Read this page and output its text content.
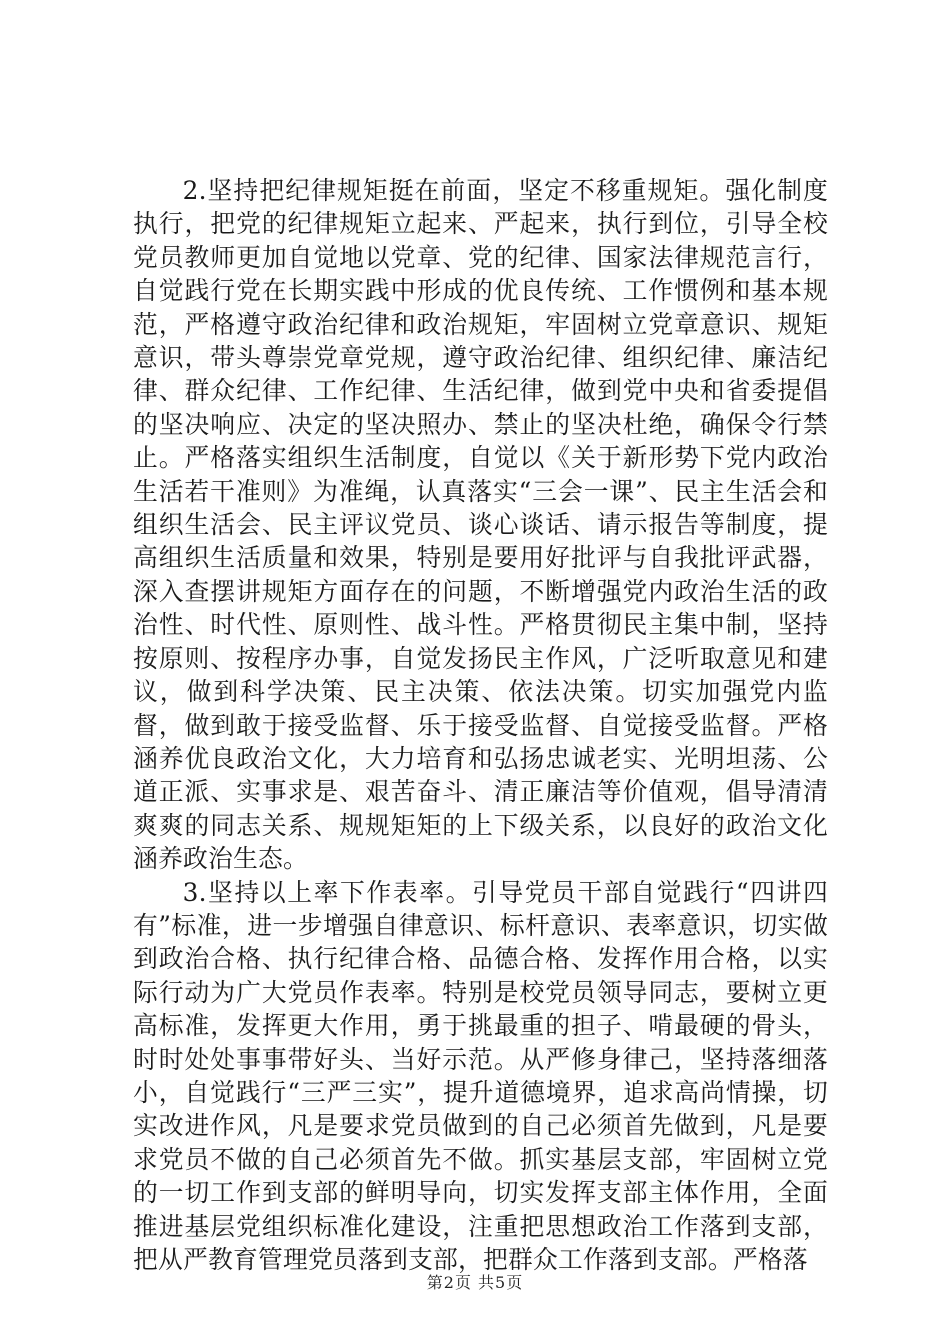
2.坚持把纪律规矩挺在前面，坚定不移重规矩。强化制度执行，把党的纪律规矩立起来、严起来，执行到位，引导全校党员教师更加自觉地以党章、党的纪律、国家法律规范言行，自觉践行党在长期实践中形成的优良传统、工作惯例和基本规范，严格遵守政治纪律和政治规矩，牢固树立党章意识、规矩意识，带头尊崇党章党规，遵守政治纪律、组织纪律、廉洁纪律、群众纪律、工作纪律、生活纪律，做到党中央和省委提倡的坚决响应、决定的坚决照办、禁止的坚决杜绝，确保令行禁止。严格落实组织生活制度，自觉以《关于新形势下党内政治生活若干准则》为准绳，认真落实“三会一课”、民主生活会和组织生活会、民主评议党员、谈心谈话、请示报告等制度，提高组织生活质量和效果，特别是要用好批评与自我批评武器，深入查摆讲规矩方面存在的问题，不断增强党内政治生活的政治性、时代性、原则性、战斗性。严格贯彻民主集中制，坚持按原则、按程序办事，自觉发扬民主作风，广泛听取意见和建议，做到科学决策、民主决策、依法决策。切实加强党内监督，做到敢于接受监督、乐于接受监督、自觉接受监督。严格涵养优良政治文化，大力培育和弘扬忠诚老实、光明坦荡、公道正派、实事求是、艰苦奋斗、清正廉洁等价值观，倡导清清爽爽的同志关系、规规矩矩的上下级关系，以良好的政治文化涵养政治生态。

3.坚持以上率下作表率。引导党员干部自觉践行“四讲四有”标准，进一步增强自律意识、标杆意识、表率意识，切实做到政治合格、执行纪律合格、品德合格、发挥作用合格，以实际行动为广大党员作表率。特别是校党员领导同志，要树立更高标准，发挥更大作用，勇于挑最重的担子、啃最硬的骨头，时时处处事事带好头、当好示范。从严修身律己，坚持落细落小，自觉践行“三严三实”，提升道德境界，追求高尚情操，切实改进作风，凡是要求党员做到的自己必须首先做到，凡是要求党员不做的自己必须首先不做。抓实基层支部，牢固树立党的一切工作到支部的鲜明导向，切实发挥支部主体作用，全面推进基层党组织标准化建设，注重把思想政治工作落到支部，把从严教育管理党员落到支部，把群众工作落到支部。严格落

第2页 共5页
